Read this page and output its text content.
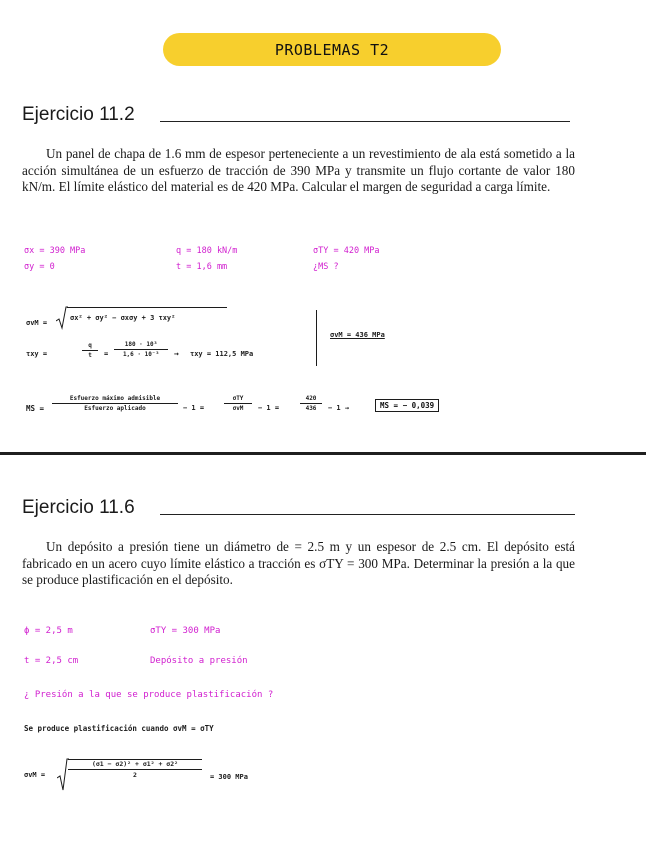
PROBLEMAS T2
Ejercicio 11.2
Un panel de chapa de 1.6 mm de espesor perteneciente a un revestimiento de ala está sometido a la acción simultánea de un esfuerzo de tracción de 390 MPa y transmite un flujo cortante de valor 180 kN/m. El límite elástico del material es de 420 MPa. Calcular el margen de seguridad a carga límite.
σx = 390 MPa
σy = 0
q = 180 kN/m
t = 1,6 mm
σTY = 420 MPa
¿MS ?
σvM =
σx² + σy² − σxσy + 3 τxy²
τxy =
q
t =
180 · 10³
1,6 · 10⁻³ → τxy = 112,5 MPa
σvM = 436 MPa
MS =
Esfuerzo máximo admisible
Esfuerzo aplicado	− 1 =
σTY
σvM − 1 =
420
436 − 1 →	MS = − 0,039
Ejercicio 11.6
Un depósito a presión tiene un diámetro de = 2.5 m y un espesor de 2.5 cm. El depósito está fabricado en un acero cuyo límite elástico a tracción es σTY = 300 MPa. Determinar la presión a la que se produce plastificación en el depósito.
ϕ = 2,5 m	σTY = 300 MPa
t = 2,5 cm	Depósito a presión
¿ Presión a la que se produce plastificación ?
Se produce plastificación cuando σvM = σTY
σvM =
(σ1 − σ2)² + σ1² + σ2²
2	= 300 MPa
